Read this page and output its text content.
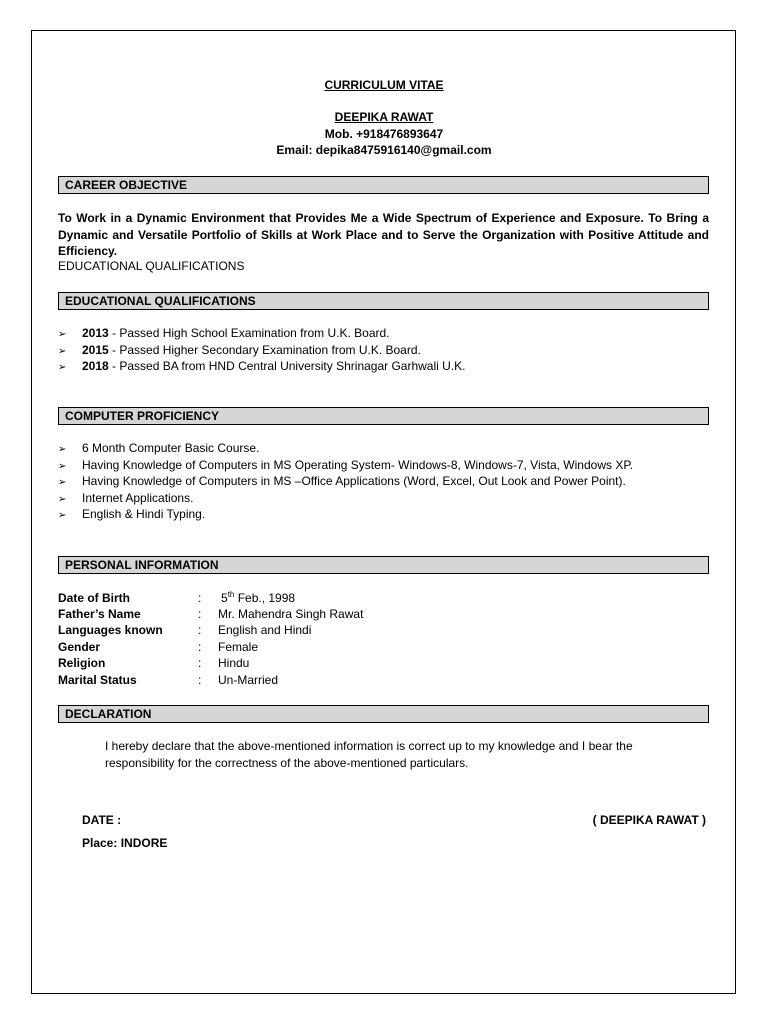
CURRICULUM VITAE
DEEPIKA RAWAT
Mob. +918476893647
Email: depika8475916140@gmail.com
CAREER OBJECTIVE
To Work in a Dynamic Environment that Provides Me a Wide Spectrum of Experience and Exposure. To Bring a Dynamic and Versatile Portfolio of Skills at Work Place and to Serve the Organization with Positive Attitude and Efficiency.
EDUCATIONAL QUALIFICATIONS
EDUCATIONAL QUALIFICATIONS
➢ 2013 - Passed High School Examination from U.K. Board.
➢ 2015 - Passed Higher Secondary Examination from U.K. Board.
➢ 2018 - Passed BA from HND Central University Shrinagar Garhwali U.K.
COMPUTER PROFICIENCY
➢ 6 Month Computer Basic Course.
➢ Having Knowledge of Computers in MS Operating System- Windows-8, Windows-7, Vista, Windows XP.
➢ Having Knowledge of Computers in MS –Office Applications (Word, Excel, Out Look and Power Point).
➢ Internet Applications.
➢ English & Hindi Typing.
PERSONAL INFORMATION
Date of Birth	: 5th Feb., 1998
Father’s Name	: Mr. Mahendra Singh Rawat
Languages known	: English and Hindi
Gender	: Female
Religion	: Hindu
Marital Status	: Un-Married
DECLARATION
I hereby declare that the above-mentioned information is correct up to my knowledge and I bear the responsibility for the correctness of the above-mentioned particulars.
DATE :	( DEEPIKA RAWAT )
Place: INDORE
